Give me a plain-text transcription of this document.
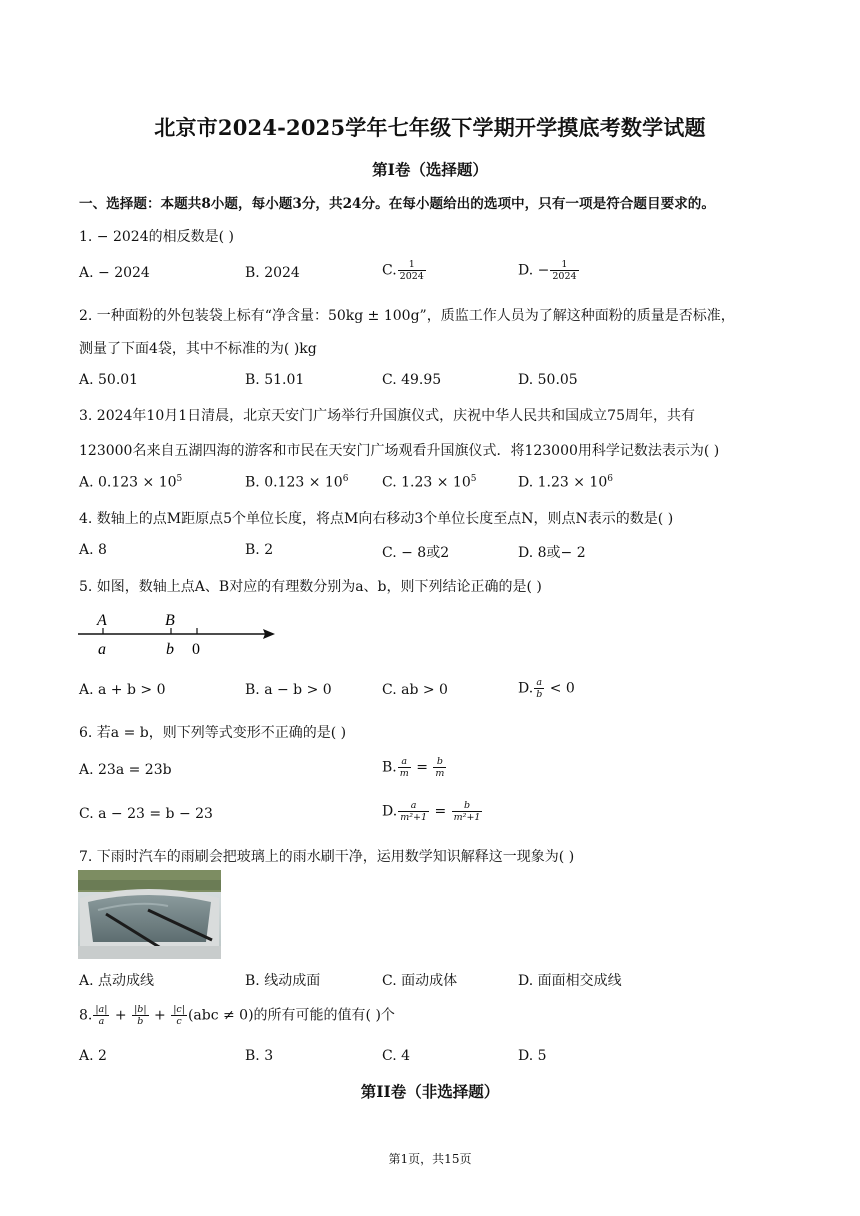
北京市2024-2025学年七年级下学期开学摸底考数学试题
第I卷（选择题）
一、选择题：本题共8小题，每小题3分，共24分。在每小题给出的选项中，只有一项是符合题目要求的。
1. − 2024的相反数是( )
A. − 2024	B. 2024	C. $\frac{1}{2024}$	D. − $\frac{1}{2024}$
2. 一种面粉的外包装袋上标有“净含量：50kg ± 100g”，质监工作人员为了解这种面粉的质量是否标准，
测量了下面4袋，其中不标准的为( )kg
A. 50.01	B. 51.01	C. 49.95	D. 50.05
3. 2024年10月1日清晨，北京天安门广场举行升国旗仪式，庆祝中华人民共和国成立75周年，共有
123000名来自五湖四海的游客和市民在天安门广场观看升国旗仪式．将123000用科学记数法表示为( )
A. $0.123 \times 10^5$	B. $0.123 \times 10^6$ C. $1.23 \times 10^5$	D. $1.23 \times 10^6$
4. 数轴上的点M距原点5个单位长度，将点M向右移动3个单位长度至点N，则点N表示的数是( )
A. 8	B. 2	C. − 8或2	D. 8或− 2
5. 如图，数轴上点A、B对应的有理数分别为a、b，则下列结论正确的是( )
A	B
a	b 0
A. a + b > 0	B. a − b > 0	C. ab > 0	D. $\frac{a}{b} < 0$
6. 若a = b，则下列等式变形不正确的是( )
A. 23a = 23b	B. $\frac{a}{m} = \frac{b}{m}$
C. a − 23 = b − 23	D. $\frac{a}{\text{m²+1}} = \frac{b}{\text{m²+1}}$
7. 下雨时汽车的雨刷会把玻璃上的雨水刷干净，运用数学知识解释这一现象为( )
A. 点动成线	B. 线动成面	C. 面动成体	D. 面面相交成线
8. $\frac{|a|}{a} + \frac{|b|}{b} + \frac{|c|}{c} (abc \ne 0)$的所有可能的值有( )个
A. 2	B. 3	C. 4	D. 5
第II卷（非选择题）
第1页，共15页
